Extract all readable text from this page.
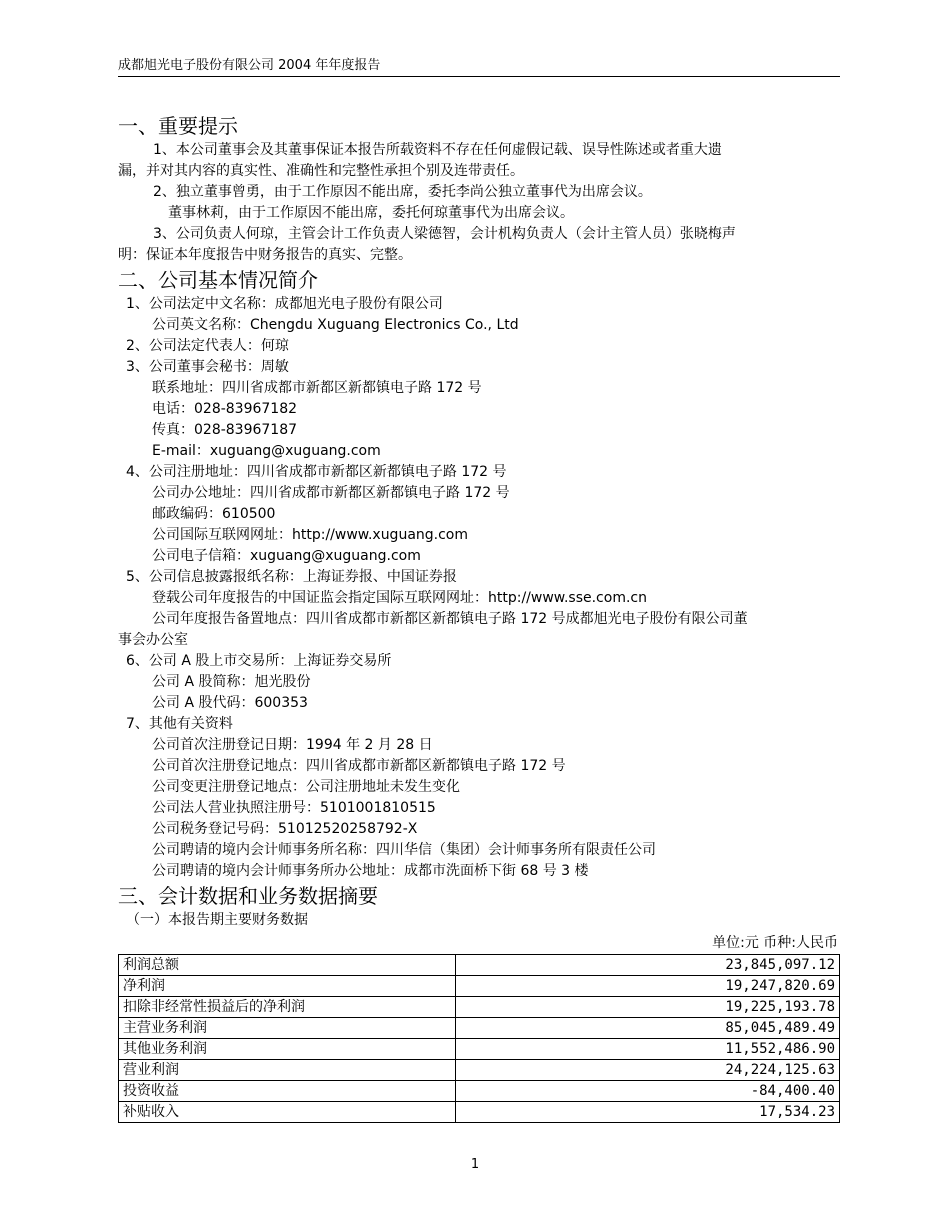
成都旭光电子股份有限公司 2004 年年度报告
一、重要提示
1、本公司董事会及其董事保证本报告所载资料不存在任何虚假记载、误导性陈述或者重大遗
漏，并对其内容的真实性、准确性和完整性承担个别及连带责任。
2、独立董事曾勇，由于工作原因不能出席，委托李尚公独立董事代为出席会议。
董事林莉，由于工作原因不能出席，委托何琼董事代为出席会议。
3、公司负责人何琼，主管会计工作负责人梁德智，会计机构负责人（会计主管人员）张晓梅声
明：保证本年度报告中财务报告的真实、完整。
二、公司基本情况简介
1、公司法定中文名称：成都旭光电子股份有限公司
公司英文名称：Chengdu Xuguang Electronics Co., Ltd
2、公司法定代表人：何琼
3、公司董事会秘书：周敏
联系地址：四川省成都市新都区新都镇电子路 172 号
电话：028-83967182
传真：028-83967187
E-mail：xuguang@xuguang.com
4、公司注册地址：四川省成都市新都区新都镇电子路 172 号
公司办公地址：四川省成都市新都区新都镇电子路 172 号
邮政编码：610500
公司国际互联网网址：http://www.xuguang.com
公司电子信箱：xuguang@xuguang.com
5、公司信息披露报纸名称：上海证券报、中国证券报
登载公司年度报告的中国证监会指定国际互联网网址：http://www.sse.com.cn
公司年度报告备置地点：四川省成都市新都区新都镇电子路 172 号成都旭光电子股份有限公司董
事会办公室
6、公司 A 股上市交易所：上海证券交易所
公司 A 股简称：旭光股份
公司 A 股代码：600353
7、其他有关资料
公司首次注册登记日期：1994 年 2 月 28 日
公司首次注册登记地点：四川省成都市新都区新都镇电子路 172 号
公司变更注册登记地点：公司注册地址未发生变化
公司法人营业执照注册号：5101001810515
公司税务登记号码：51012520258792-X
公司聘请的境内会计师事务所名称：四川华信（集团）会计师事务所有限责任公司
公司聘请的境内会计师事务所办公地址：成都市洗面桥下街 68 号 3 楼
三、会计数据和业务数据摘要
（一）本报告期主要财务数据
单位:元 币种:人民币
利润总额	23,845,097.12
净利润	19,247,820.69
扣除非经常性损益后的净利润	19,225,193.78
主营业务利润	85,045,489.49
其他业务利润	11,552,486.90
营业利润	24,224,125.63
投资收益	-84,400.40
补贴收入	17,534.23
1
